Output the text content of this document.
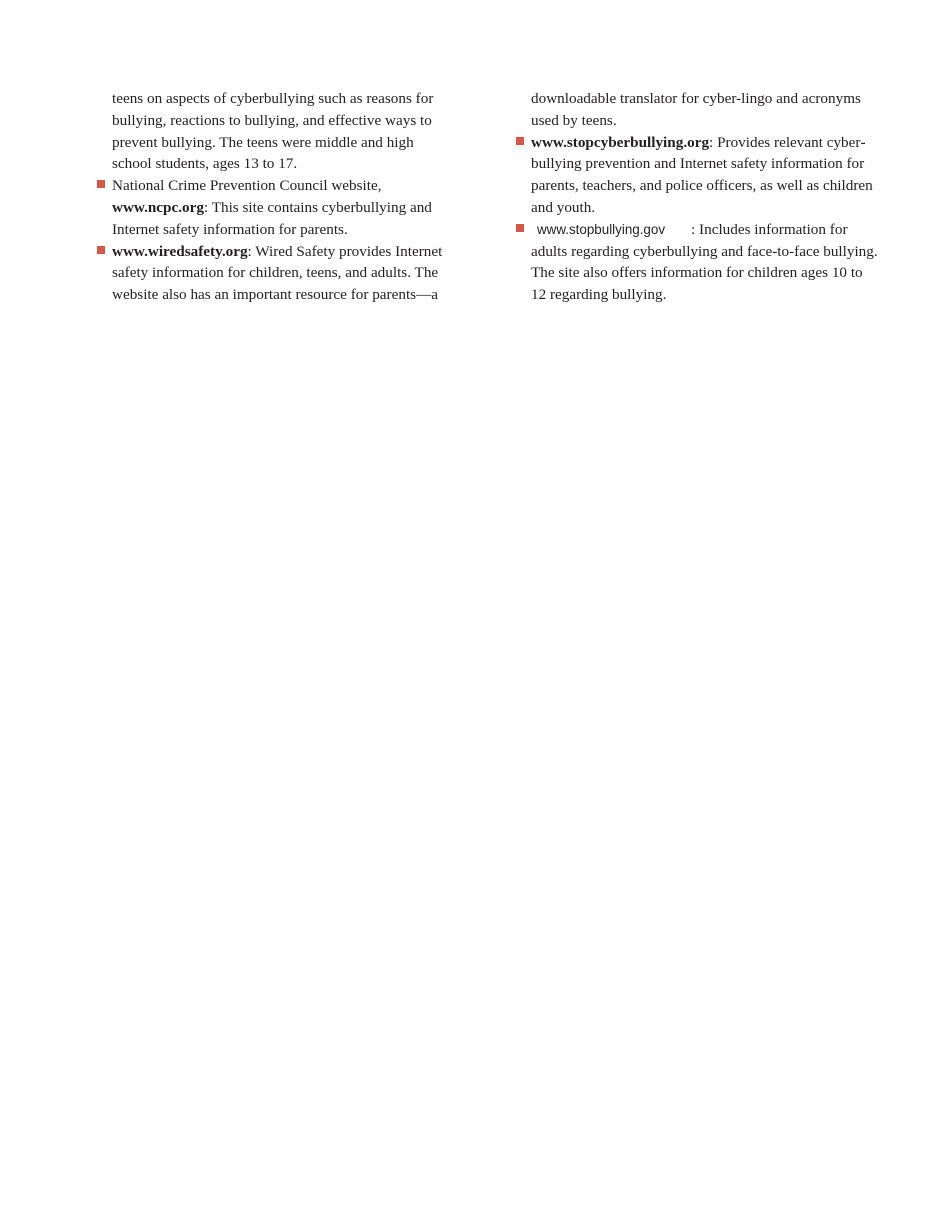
teens on aspects of cyberbullying such as reasons for bullying, reactions to bullying, and effective ways to prevent bullying. The teens were middle and high school students, ages 13 to 17.

National Crime Prevention Council website,
www.ncpc.org: This site contains cyberbullying and Internet safety information for parents.
www.wiredsafety.org: Wired Safety provides Internet safety information for children, teens, and adults. The website also has an important resource for parents—a

downloadable translator for cyber-lingo and acronyms used by teens.

www.stopcyberbullying.org: Provides relevant cyberbullying prevention and Internet safety information for parents, teachers, and police officers, as well as children and youth.
www.stopbullying.gov : Includes information for adults regarding cyberbullying and face-to-face bullying. The site also offers information for children ages 10 to 12 regarding bullying.
